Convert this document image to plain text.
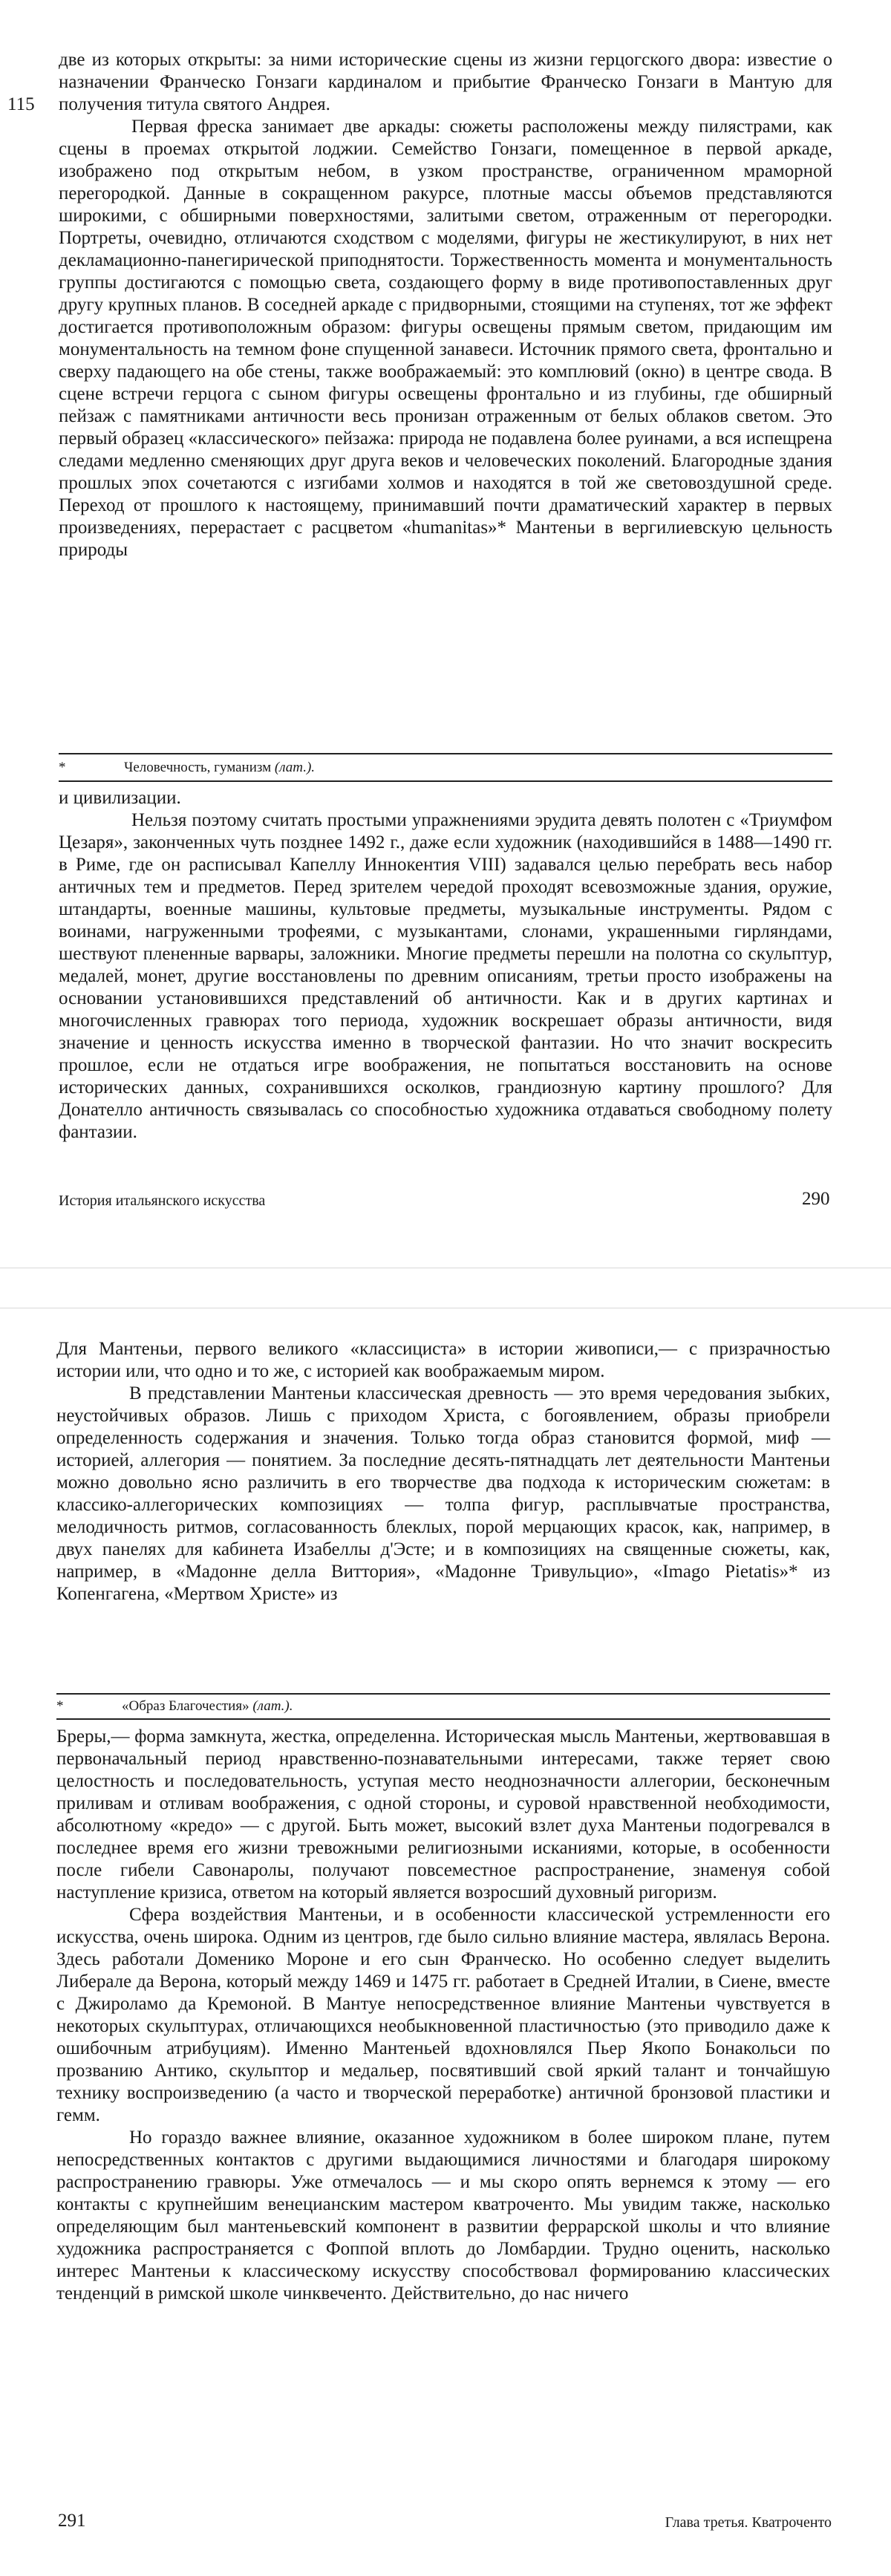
115

две из которых открыты: за ними исторические сцены из жизни герцогского двора: известие о назначении Франческо Гонзаги кардиналом и прибытие Франческо Гонзаги в Мантую для получения титула святого Андрея.

Первая фреска занимает две аркады: сюжеты расположены между пилястрами, как сцены в проемах открытой лоджии. Семейство Гонзаги, помещенное в первой аркаде, изображено под открытым небом, в узком пространстве, ограниченном мраморной перегородкой. Данные в сокращенном ракурсе, плотные массы объемов представляются широкими, с обширными поверхностями, залитыми светом, отраженным от перегородки. Портреты, очевидно, отличаются сходством с моделями, фигуры не жестикулируют, в них нет декламационно-панегирической приподнятости. Торжественность момента и монументальность группы достигаются с помощью света, создающего форму в виде противопоставленных друг другу крупных планов. В соседней аркаде с придворными, стоящими на ступенях, тот же эффект достигается противоположным образом: фигуры освещены прямым светом, придающим им монументальность на темном фоне спущенной занавеси. Источник прямого света, фронтально и сверху падающего на обе стены, также воображаемый: это комплювий (окно) в центре свода. В сцене встречи герцога с сыном фигуры освещены фронтально и из глубины, где обширный пейзаж с памятниками античности весь пронизан отраженным от белых облаков светом. Это первый образец «классического» пейзажа: природа не подавлена более руинами, а вся испещрена следами медленно сменяющих друг друга веков и человеческих поколений. Благородные здания прошлых эпох сочетаются с изгибами холмов и находятся в той же световоздушной среде. Переход от прошлого к настоящему, принимавший почти драматический характер в первых произведениях, перерастает с расцветом «humanitas»* Мантеньи в вергилиевскую цельность природы

*	Человечность, гуманизм (лат.).

и цивилизации.

Нельзя поэтому считать простыми упражнениями эрудита девять полотен с «Триумфом Цезаря», законченных чуть позднее 1492 г., даже если художник (находившийся в 1488—1490 гг. в Риме, где он расписывал Капеллу Иннокентия VIII) задавался целью перебрать весь набор античных тем и предметов. Перед зрителем чередой проходят всевозможные здания, оружие, штандарты, военные машины, культовые предметы, музыкальные инструменты. Рядом с воинами, нагруженными трофеями, с музыкантами, слонами, украшенными гирляндами, шествуют плененные варвары, заложники. Многие предметы перешли на полотна со скульптур, медалей, монет, другие восстановлены по древним описаниям, третьи просто изображены на основании установившихся представлений об античности. Как и в других картинах и многочисленных гравюрах того периода, художник воскрешает образы античности, видя значение и ценность искусства именно в творческой фантазии. Но что значит воскресить прошлое, если не отдаться игре воображения, не попытаться восстановить на основе исторических данных, сохранившихся осколков, грандиозную картину прошлого? Для Донателло античность связывалась со способностью художника отдаваться свободному полету фантазии.

История итальянского искусства	290

Для Мантеньи, первого великого «классициста» в истории живописи,— с призрачностью истории или, что одно и то же, с историей как воображаемым миром.

В представлении Мантеньи классическая древность — это время чередования зыбких, неустойчивых образов. Лишь с приходом Христа, с богоявлением, образы приобрели определенность содержания и значения. Только тогда образ становится формой, миф — историей, аллегория — понятием. За последние десять-пятнадцать лет деятельности Мантеньи можно довольно ясно различить в его творчестве два подхода к историческим сюжетам: в классико-аллегорических композициях — толпа фигур, расплывчатые пространства, мелодичность ритмов, согласованность блеклых, порой мерцающих красок, как, например, в двух панелях для кабинета Изабеллы д'Эсте; и в композициях на священные сюжеты, как, например, в «Мадонне делла Виттория», «Мадонне Тривульцио», «Imago Pietatis»* из Копенгагена, «Мертвом Христе» из

*	«Образ Благочестия» (лат.).

Бреры,— форма замкнута, жестка, определенна. Историческая мысль Мантеньи, жертвовавшая в первоначальный период нравственно-познавательными интересами, также теряет свою целостность и последовательность, уступая место неоднозначности аллегории, бесконечным приливам и отливам воображения, с одной стороны, и суровой нравственной необходимости, абсолютному «кредо» — с другой. Быть может, высокий взлет духа Мантеньи подогревался в последнее время его жизни тревожными религиозными исканиями, которые, в особенности после гибели Савонаролы, получают повсеместное распространение, знаменуя собой наступление кризиса, ответом на который является возросший духовный ригоризм.

Сфера воздействия Мантеньи, и в особенности классической устремленности его искусства, очень широка. Одним из центров, где было сильно влияние мастера, являлась Верона. Здесь работали Доменико Мороне и его сын Франческо. Но особенно следует выделить Либерале да Верона, который между 1469 и 1475 гг. работает в Средней Италии, в Сиене, вместе с Джироламо да Кремоной. В Мантуе непосредственное влияние Мантеньи чувствуется в некоторых скульптурах, отличающихся необыкновенной пластичностью (это приводило даже к ошибочным атрибуциям). Именно Мантеньей вдохновлялся Пьер Якопо Бонакольси по прозванию Антико, скульптор и медальер, посвятивший свой яркий талант и тончайшую технику воспроизведению (а часто и творческой переработке) античной бронзовой пластики и гемм.

Но гораздо важнее влияние, оказанное художником в более широком плане, путем непосредственных контактов с другими выдающимися личностями и благодаря широкому распространению гравюры. Уже отмечалось — и мы скоро опять вернемся к этому — его контакты с крупнейшим венецианским мастером кватроченто. Мы увидим также, насколько определяющим был мантеньевский компонент в развитии феррарской школы и что влияние художника распространяется с Фоппой вплоть до Ломбардии. Трудно оценить, насколько интерес Мантеньи к классическому искусству способствовал формированию классических тенденций в римской школе чинквеченто. Действительно, до нас ничего

291	Глава третья. Кватроченто
